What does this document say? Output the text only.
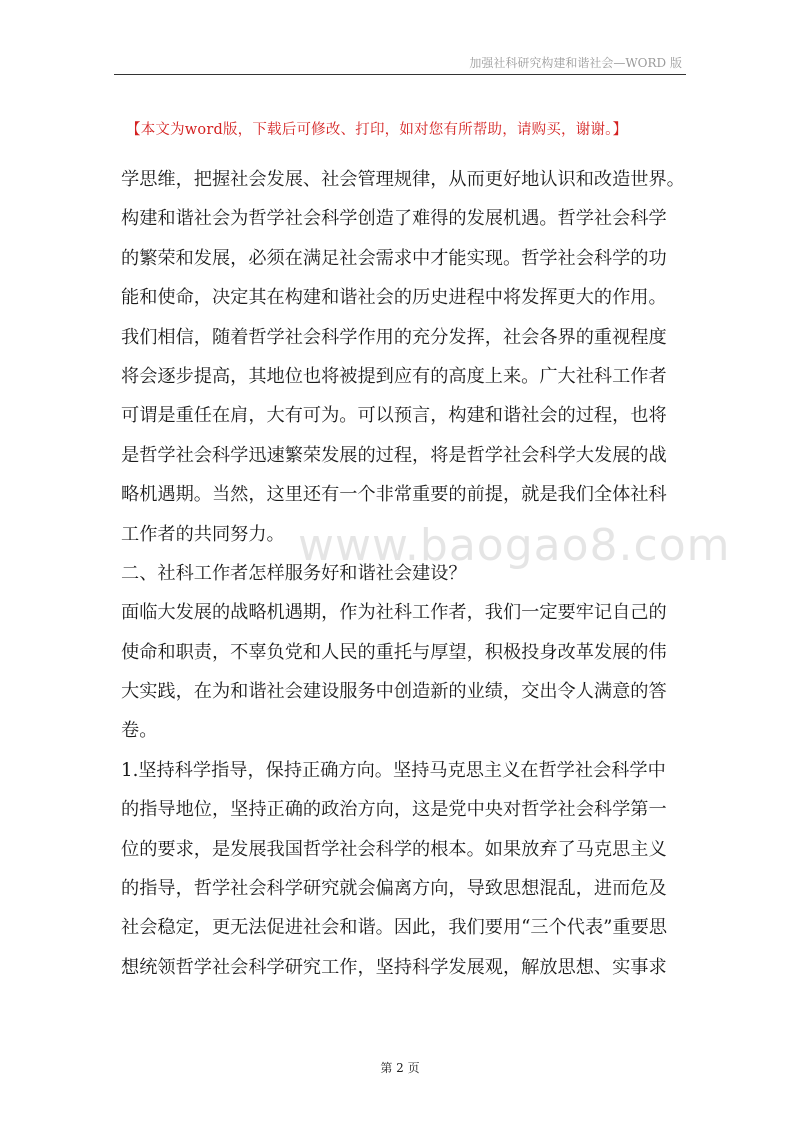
加强社科研究构建和谐社会—WORD 版
【本文为word版，下载后可修改、打印，如对您有所帮助，请购买，谢谢。】
www.baogao8.com
学思维，把握社会发展、社会管理规律，从而更好地认识和改造世界。
构建和谐社会为哲学社会科学创造了难得的发展机遇。哲学社会科学
的繁荣和发展，必须在满足社会需求中才能实现。哲学社会科学的功
能和使命，决定其在构建和谐社会的历史进程中将发挥更大的作用。
我们相信，随着哲学社会科学作用的充分发挥，社会各界的重视程度
将会逐步提高，其地位也将被提到应有的高度上来。广大社科工作者
可谓是重任在肩，大有可为。可以预言，构建和谐社会的过程，也将
是哲学社会科学迅速繁荣发展的过程，将是哲学社会科学大发展的战
略机遇期。当然，这里还有一个非常重要的前提，就是我们全体社科
工作者的共同努力。
二、社科工作者怎样服务好和谐社会建设？
面临大发展的战略机遇期，作为社科工作者，我们一定要牢记自己的
使命和职责，不辜负党和人民的重托与厚望，积极投身改革发展的伟
大实践，在为和谐社会建设服务中创造新的业绩，交出令人满意的答
卷。
1.坚持科学指导，保持正确方向。坚持马克思主义在哲学社会科学中
的指导地位，坚持正确的政治方向，这是党中央对哲学社会科学第一
位的要求，是发展我国哲学社会科学的根本。如果放弃了马克思主义
的指导，哲学社会科学研究就会偏离方向，导致思想混乱，进而危及
社会稳定，更无法促进社会和谐。因此，我们要用“三个代表”重要思
想统领哲学社会科学研究工作，坚持科学发展观，解放思想、实事求
第 2 页
